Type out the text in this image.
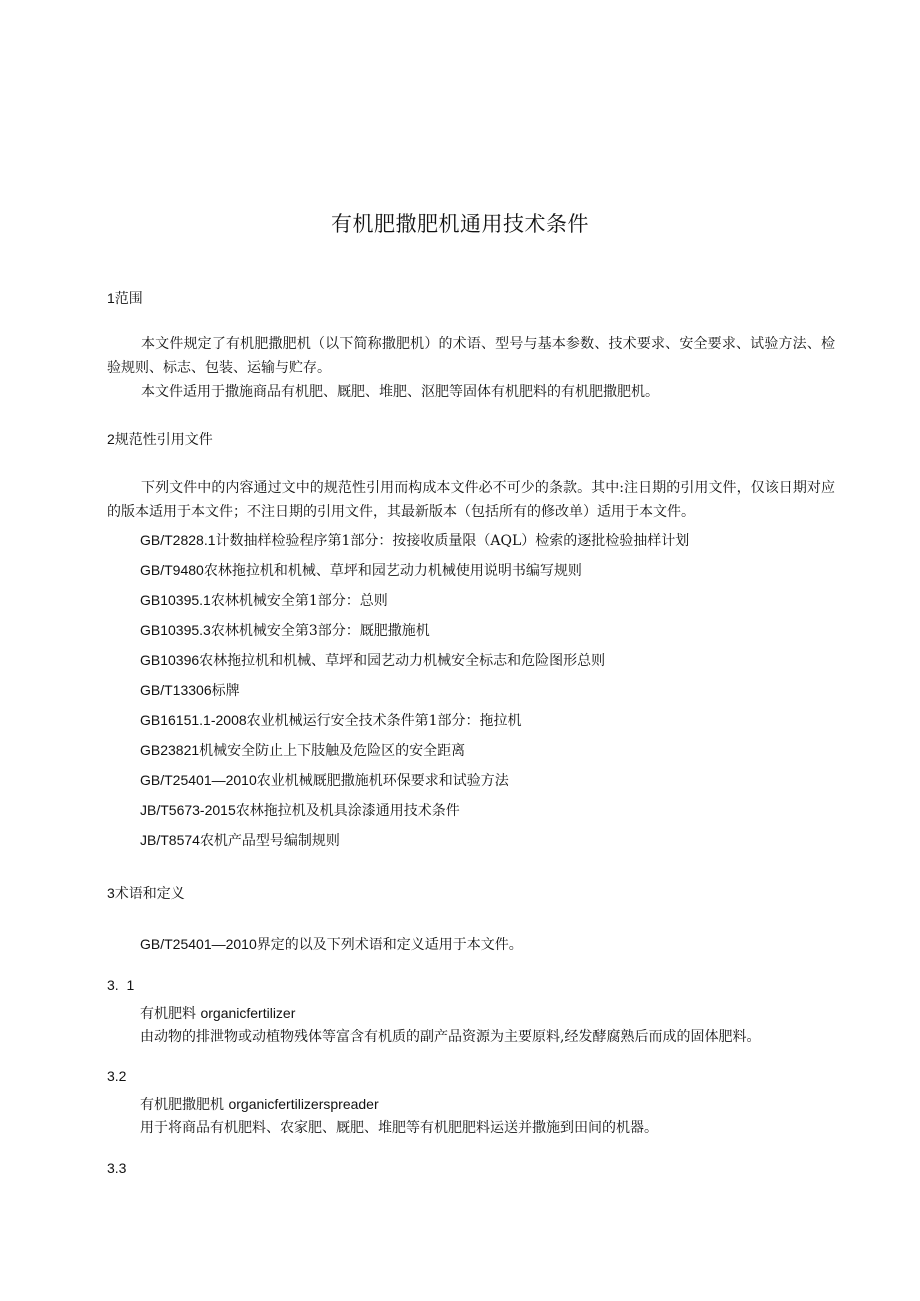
有机肥撒肥机通用技术条件
1范围
本文件规定了有机肥撒肥机（以下简称撒肥机）的术语、型号与基本参数、技术要求、安全要求、试验方法、检验规则、标志、包装、运输与贮存。
本文件适用于撒施商品有机肥、厩肥、堆肥、沤肥等固体有机肥料的有机肥撒肥机。
2规范性引用文件
下列文件中的内容通过文中的规范性引用而构成本文件必不可少的条款。其中:注日期的引用文件，仅该日期对应的版本适用于本文件；不注日期的引用文件，其最新版本（包括所有的修改单）适用于本文件。
GB/T2828.1计数抽样检验程序第1部分：按接收质量限（AQL）检索的逐批检验抽样计划
GB/T9480农林拖拉机和机械、草坪和园艺动力机械使用说明书编写规则
GB10395.1农林机械安全第1部分：总则
GB10395.3农林机械安全第3部分：厩肥撒施机
GB10396农林拖拉机和机械、草坪和园艺动力机械安全标志和危险图形总则
GB/T13306标牌
GB16151.1-2008农业机械运行安全技术条件第1部分：拖拉机
GB23821机械安全防止上下肢触及危险区的安全距离
GB/T25401—2010农业机械厩肥撒施机环保要求和试验方法
JB/T5673-2015农林拖拉机及机具涂漆通用技术条件
JB/T8574农机产品型号编制规则
3术语和定义
GB/T25401—2010界定的以及下列术语和定义适用于本文件。
3.  1
有机肥料 organicfertilizer
由动物的排泄物或动植物残体等富含有机质的副产品资源为主要原料,经发酵腐熟后而成的固体肥料。
3.2
有机肥撒肥机 organicfertilizerspreader
用于将商品有机肥料、农家肥、厩肥、堆肥等有机肥肥料运送并撒施到田间的机器。
3.3
